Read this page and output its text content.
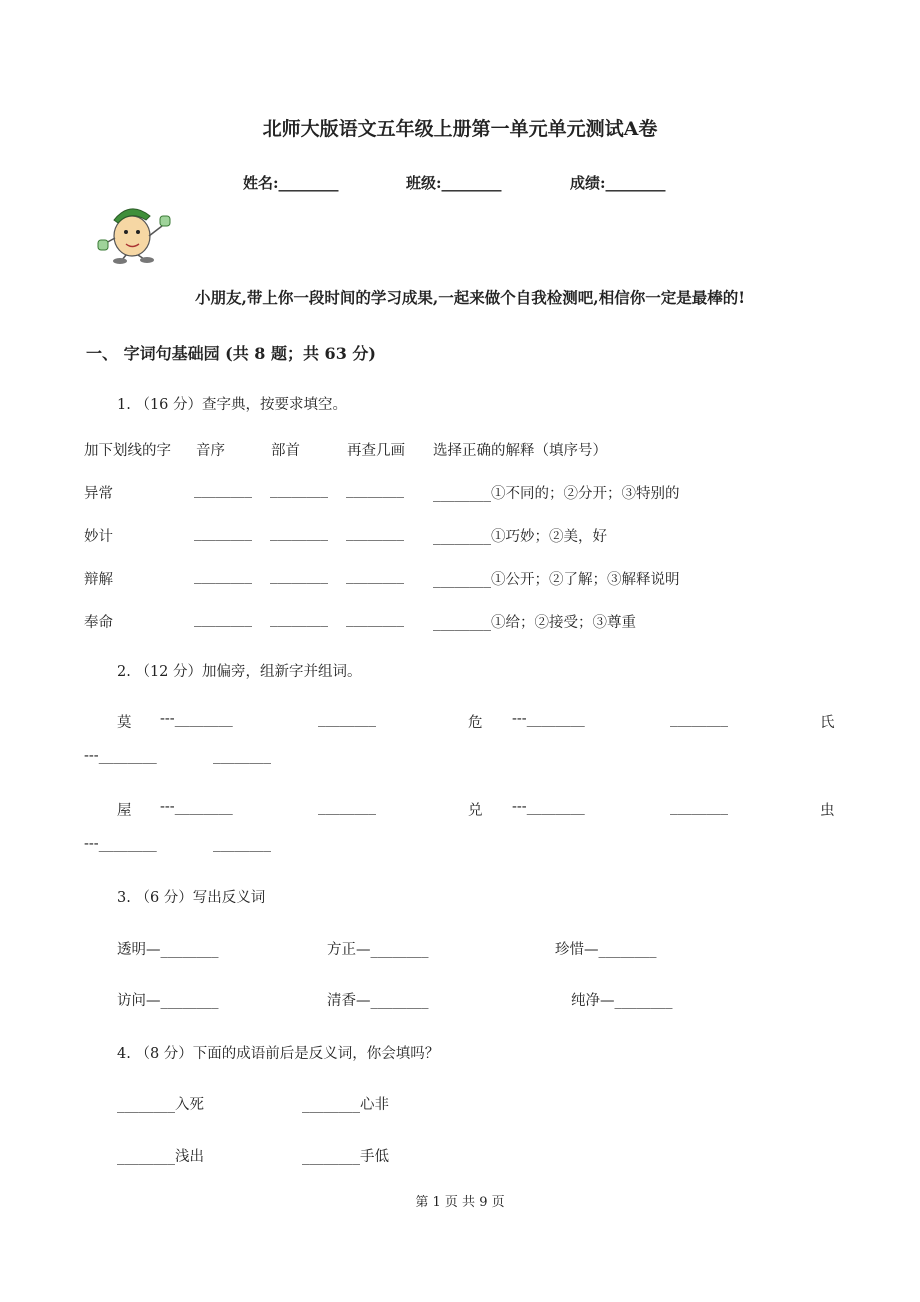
北师大版语文五年级上册第一单元单元测试A卷
姓名:________	班级:________	成绩:________
小朋友,带上你一段时间的学习成果,一起来做个自我检测吧,相信你一定是最棒的!
一、 字词句基础园 (共 8 题；共 63 分)
1. （16 分）查字典，按要求填空。
加下划线的字 音序	部首	再查几画 选择正确的解释（填序号）
异常	________ ________ ________ ________①不同的；②分开；③特别的
妙计	________ ________ ________ ________①巧妙；②美，好
辩解	________ ________ ________ ________①公开；②了解；③解释说明
奉命	________ ________ ________ ________①给；②接受；③尊重
2. （12 分）加偏旁，组新字并组词。
莫 ---________	________	危 ---________	________	氏
---________	________
屋 ---________	________	兑 ---________	________	虫
---________	________
3. （6 分）写出反义词
透明—________	方正—________	珍惜—________
访问—________	清香—________	纯净—________
4. （8 分）下面的成语前后是反义词，你会填吗？
________入死	________心非
________浅出	________手低
第 1 页 共 9 页
